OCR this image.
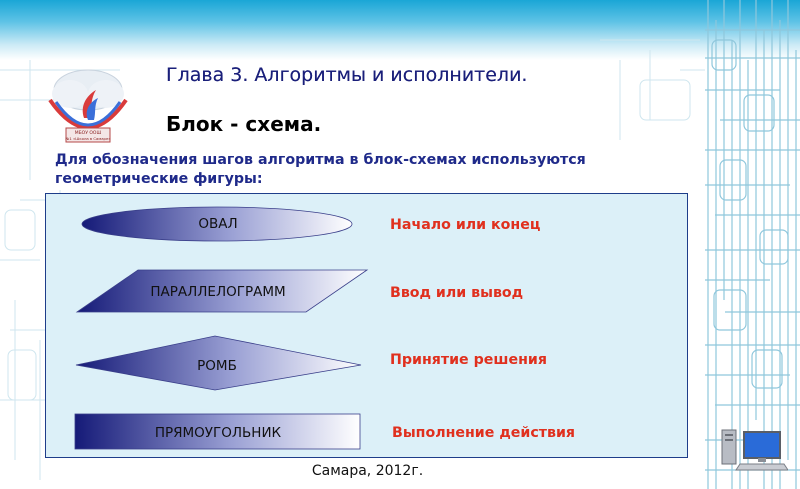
МБОУ ООШ
№1 «Школа в Самаре»
Глава 3. Алгоритмы и исполнители.
Блок - схема.
Для обозначения шагов алгоритма в блок-схемах используются геометрические фигуры:
ОВАЛ
ПАРАЛЛЕЛОГРАММ
РОМБ
ПРЯМОУГОЛЬНИК
Начало или конец
Ввод или вывод
Принятие решения
Выполнение действия
Самара, 2012г.
